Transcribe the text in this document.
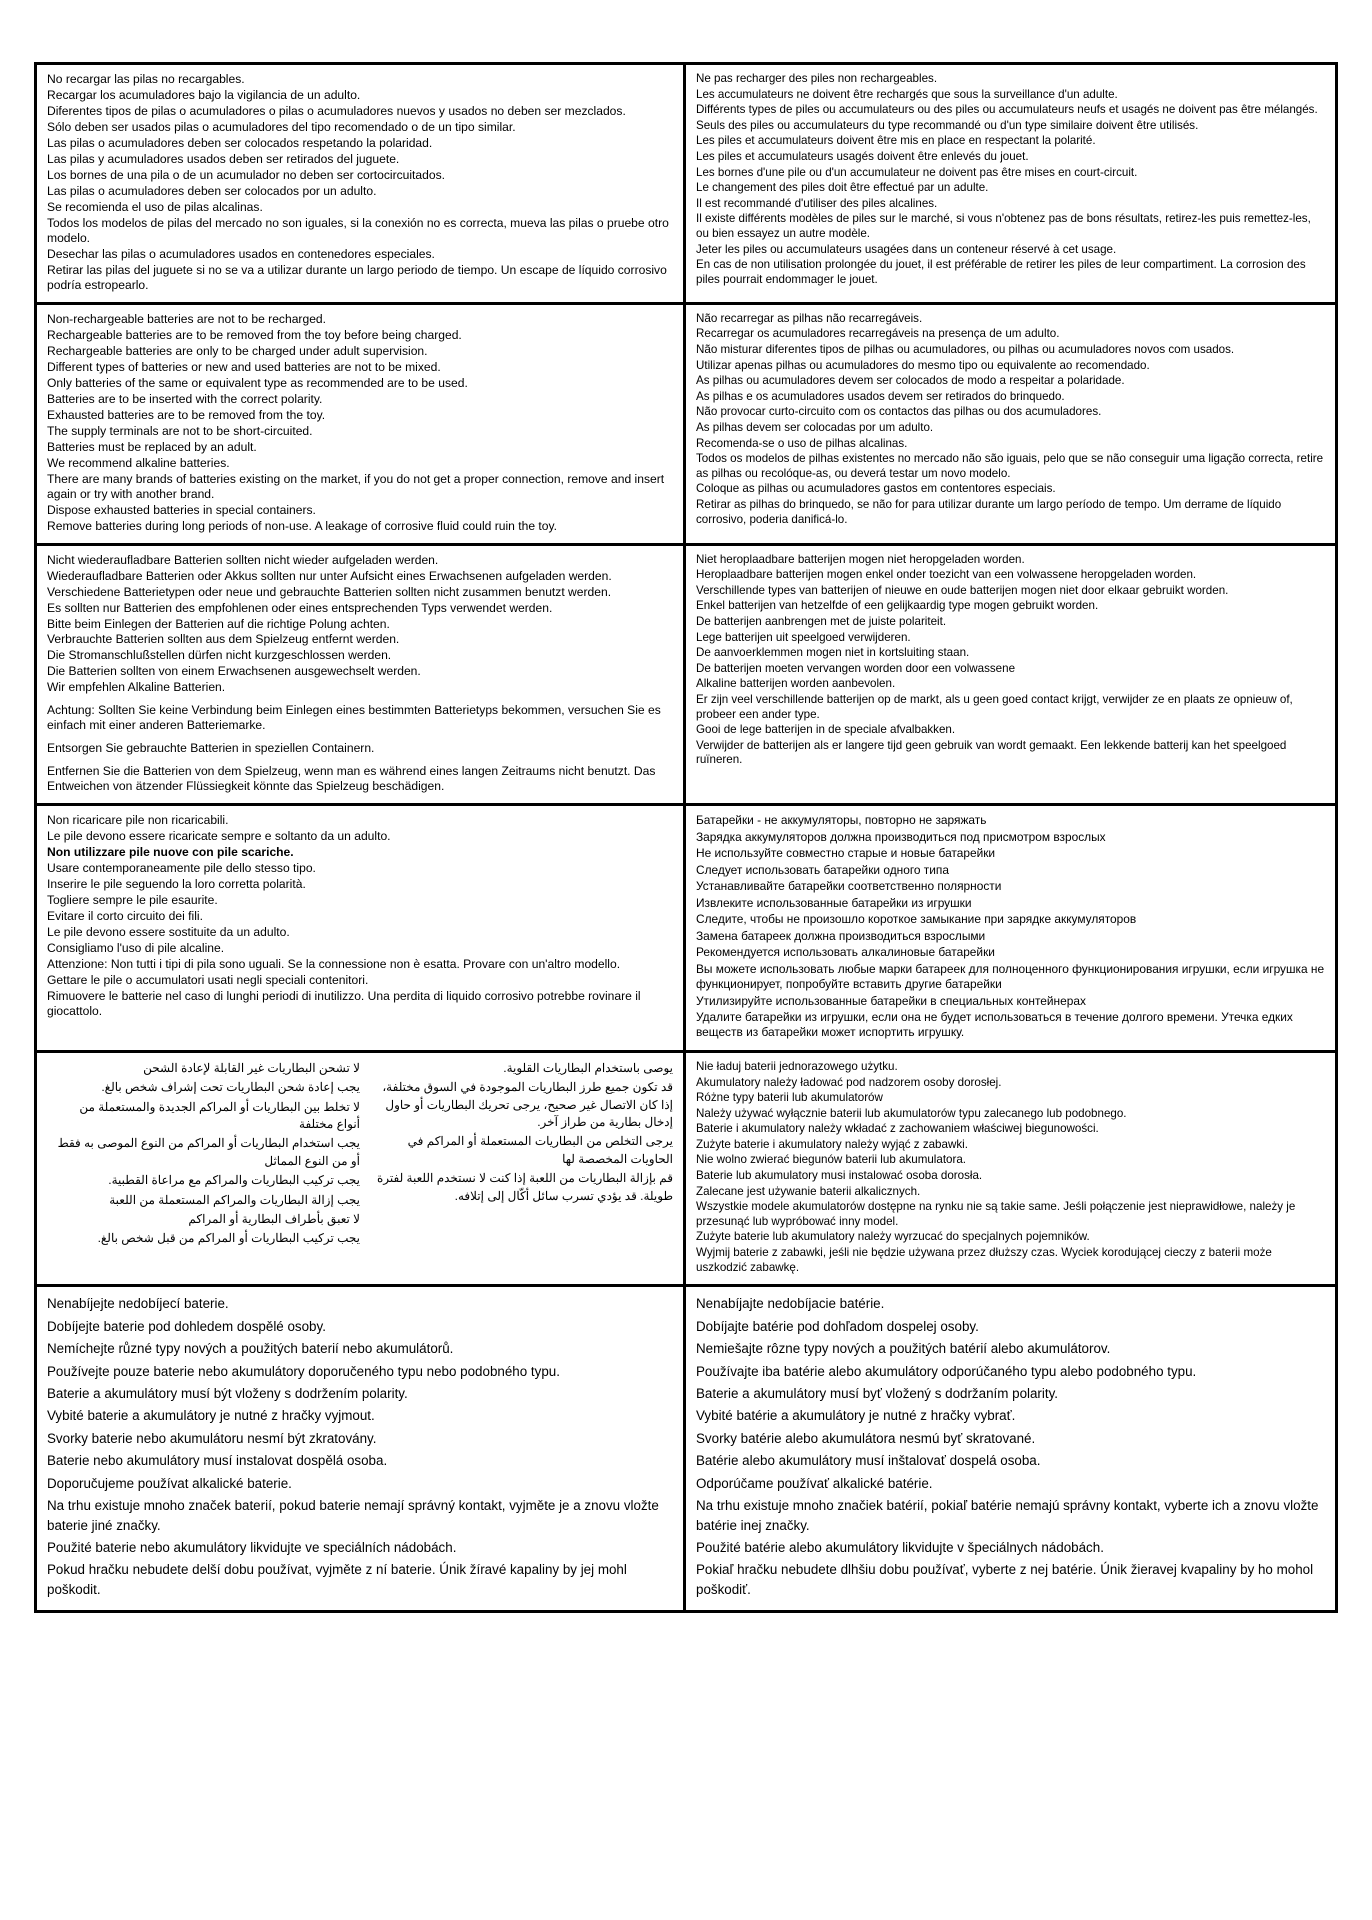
No recargar las pilas no recargables.

Recargar los acumuladores bajo la vigilancia de un adulto.

Diferentes tipos de pilas o acumuladores o pilas o acumuladores nuevos y usados no deben ser mezclados.

Sólo deben ser usados pilas o acumuladores del tipo recomendado o de un tipo similar.

Las pilas o acumuladores deben ser colocados respetando la polaridad.

Las pilas y acumuladores usados deben ser retirados del juguete.

Los bornes de una pila o de un acumulador no deben ser cortocircuitados.

Las pilas o acumuladores deben ser colocados por un adulto.

Se recomienda el uso de pilas alcalinas.

Todos los modelos de pilas del mercado no son iguales, si la conexión no es correcta, mueva las pilas o pruebe otro modelo.

Desechar las pilas o acumuladores usados en contenedores especiales.

Retirar las pilas del juguete si no se va a utilizar durante un largo periodo de tiempo. Un escape de líquido corrosivo podría estropearlo.

Ne pas recharger des piles non rechargeables.

Les accumulateurs ne doivent être rechargés que sous la surveillance d'un adulte.

Différents types de piles ou accumulateurs ou des piles ou accumulateurs neufs et usagés ne doivent pas être mélangés.

Seuls des piles ou accumulateurs du type recommandé ou d'un type similaire doivent être utilisés.

Les piles et accumulateurs doivent être mis en place en respectant la polarité.

Les piles et accumulateurs usagés doivent être enlevés du jouet.

Les bornes d'une pile ou d'un accumulateur ne doivent pas être mises en court-circuit.

Le changement des piles doit être effectué par un adulte.

Il est recommandé d'utiliser des piles alcalines.

Il existe différents modèles de piles sur le marché, si vous n'obtenez pas de bons résultats, retirez-les puis remettez-les, ou bien essayez un autre modèle.

Jeter les piles ou accumulateurs usagées dans un conteneur réservé à cet usage.

En cas de non utilisation prolongée du jouet, il est préférable de retirer les piles de leur compartiment. La corrosion des piles pourrait endommager le jouet.

Non-rechargeable batteries are not to be recharged.

Rechargeable batteries are to be removed from the toy before being charged.

Rechargeable batteries are only to be charged under adult supervision.

Different types of batteries or new and used batteries are not to be mixed.

Only batteries of the same or equivalent type as recommended are to be used.

Batteries are to be inserted with the correct polarity.

Exhausted batteries are to be removed from the toy.

The supply terminals are not to be short-circuited.

Batteries must be replaced by an adult.

We recommend alkaline batteries.

There are many brands of batteries existing on the market, if you do not get a proper connection, remove and insert again or try with another brand.

Dispose exhausted batteries in special containers.

Remove batteries during long periods of non-use. A leakage of corrosive fluid could ruin the toy.

Não recarregar as pilhas não recarregáveis.

Recarregar os acumuladores recarregáveis na presença de um adulto.

Não misturar diferentes tipos de pilhas ou acumuladores, ou pilhas ou acumuladores novos com usados.

Utilizar apenas pilhas ou acumuladores do mesmo tipo ou equivalente ao recomendado.

As pilhas ou acumuladores devem ser colocados de modo a respeitar a polaridade.

As pilhas e os acumuladores usados devem ser retirados do brinquedo.

Não provocar curto-circuito com os contactos das pilhas ou dos acumuladores.

As pilhas devem ser colocadas por um adulto.

Recomenda-se o uso de pilhas alcalinas.

Todos os modelos de pilhas existentes no mercado não são iguais, pelo que se não conseguir uma ligação correcta, retire as pilhas ou recolóque-as, ou deverá testar um novo modelo.

Coloque as pilhas ou acumuladores gastos em contentores especiais.

Retirar as pilhas do brinquedo, se não for para utilizar durante um largo período de tempo. Um derrame de líquido corrosivo, poderia danificá-lo.

Nicht wiederaufladbare Batterien sollten nicht wieder aufgeladen werden.

Wiederaufladbare Batterien oder Akkus sollten nur unter Aufsicht eines Erwachsenen aufgeladen werden.

Verschiedene Batterietypen oder neue und gebrauchte Batterien sollten nicht zusammen benutzt werden.

Es sollten nur Batterien des empfohlenen oder eines entsprechenden Typs verwendet werden.

Bitte beim Einlegen der Batterien auf die richtige Polung achten.

Verbrauchte Batterien sollten aus dem Spielzeug entfernt werden.

Die Stromanschlußstellen dürfen nicht kurzgeschlossen werden.

Die Batterien sollten von einem Erwachsenen ausgewechselt werden.

Wir empfehlen Alkaline Batterien.

Achtung: Sollten Sie keine Verbindung beim Einlegen eines bestimmten Batterietyps bekommen, versuchen Sie es einfach mit einer anderen Batteriemarke.

Entsorgen Sie gebrauchte Batterien in speziellen Containern.

Entfernen Sie die Batterien von dem Spielzeug, wenn man es während eines langen Zeitraums nicht benutzt. Das Entweichen von ätzender Flüssiegkeit könnte das Spielzeug beschädigen.

Niet heroplaadbare batterijen mogen niet heropgeladen worden.

Heroplaadbare batterijen mogen enkel onder toezicht van een volwassene heropgeladen worden.

Verschillende types van batterijen of nieuwe en oude batterijen mogen niet door elkaar gebruikt worden.

Enkel batterijen van hetzelfde of een gelijkaardig type mogen gebruikt worden.

De batterijen aanbrengen met de juiste polariteit.

Lege batterijen uit speelgoed verwijderen.

De aanvoerklemmen mogen niet in kortsluiting staan.

De batterijen moeten vervangen worden door een volwassene

Alkaline batterijen worden aanbevolen.

Er zijn veel verschillende batterijen op de markt, als u geen goed contact krijgt, verwijder ze en plaats ze opnieuw of, probeer een ander type.

Gooi de lege batterijen in de speciale afvalbakken.

Verwijder de batterijen als er langere tijd geen gebruik van wordt gemaakt. Een lekkende batterij kan het speelgoed ruïneren.

Non ricaricare pile non ricaricabili.

Le pile devono essere ricaricate sempre e soltanto da un adulto.

Non utilizzare pile nuove con pile scariche.

Usare contemporaneamente pile dello stesso tipo.

Inserire le pile seguendo la loro corretta polarità.

Togliere sempre le pile esaurite.

Evitare il corto circuito dei fili.

Le pile devono essere sostituite da un adulto.

Consigliamo l'uso di pile alcaline.

Attenzione: Non tutti i tipi di pila sono uguali. Se la connessione non è esatta. Provare con un'altro modello.

Gettare le pile o accumulatori usati negli speciali contenitori.

Rimuovere le batterie nel caso di lunghi periodi di inutilizzo. Una perdita di liquido corrosivo potrebbe rovinare il giocattolo.

Батарейки - не аккумуляторы, повторно не заряжать

Зарядка аккумуляторов должна производиться под присмотром взрослых

Не используйте совместно старые и новые батарейки

Следует использовать батарейки одного типа

Устанавливайте батарейки соответственно полярности

Извлеките использованные батарейки из игрушки

Следите, чтобы не произошло короткое замыкание при зарядке аккумуляторов

Замена батареек должна производиться взрослыми

Рекомендуется использовать алкалиновые батарейки

Вы можете использовать любые марки батареек для полноценного функционирования игрушки, если игрушка не функционирует, попробуйте вставить другие батарейки

Утилизируйте использованные батарейки в специальных контейнерах

Удалите батарейки из игрушки, если она не будет использоваться в течение долгого времени. Утечка едких веществ из батарейки может испортить игрушку.

لا تشحن البطاريات غير القابلة لإعادة الشحن

يجب إعادة شحن البطاريات تحت إشراف شخص بالغ.

لا تخلط بين البطاريات أو المراكم الجديدة والمستعملة من أنواع مختلفة

يجب استخدام البطاريات أو المراكم من النوع الموصى به فقط أو من النوع المماثل

يجب تركيب البطاريات والمراكم مع مراعاة القطبية.

يجب إزالة البطاريات والمراكم المستعملة من اللعبة

لا تعبق بأطراف البطارية أو المراكم

يجب تركيب البطاريات أو المراكم من قبل شخص بالغ.

يوصى باستخدام البطاريات القلوية.

قد تكون جميع طرز البطاريات الموجودة في السوق مختلفة، إذا كان الاتصال غير صحيح، يرجى تحريك البطاريات أو حاول إدخال بطارية من طراز آخر.

يرجى التخلص من البطاريات المستعملة أو المراكم في الحاويات المخصصة لها

قم بإزالة البطاريات من اللعبة إذا كنت لا نستخدم اللعبة لفترة طويلة. قد يؤدي تسرب سائل أكّال إلى إتلافه.

Nie ładuj baterii jednorazowego użytku.

Akumulatory należy ładować pod nadzorem osoby dorosłej.

Różne typy baterii lub akumulatorów

Należy używać wyłącznie baterii lub akumulatorów typu zalecanego lub podobnego.

Baterie i akumulatory należy wkładać z zachowaniem właściwej biegunowości.

Zużyte baterie i akumulatory należy wyjąć z zabawki.

Nie wolno zwierać biegunów baterii lub akumulatora.

Baterie lub akumulatory musi instalować osoba dorosła.

Zalecane jest używanie baterii alkalicznych.

Wszystkie modele akumulatorów dostępne na rynku nie są takie same. Jeśli połączenie jest nieprawidłowe, należy je przesunąć lub wypróbować inny model.

Zużyte baterie lub akumulatory należy wyrzucać do specjalnych pojemników.

Wyjmij baterie z zabawki, jeśli nie będzie używana przez dłuższy czas. Wyciek korodującej cieczy z baterii może uszkodzić zabawkę.

Nenabíjejte nedobíjecí baterie.

Dobíjejte baterie pod dohledem dospělé osoby.

Nemíchejte různé typy nových a použitých baterií nebo akumulátorů.

Používejte pouze baterie nebo akumulátory doporučeného typu nebo podobného typu.

Baterie a akumulátory musí být vloženy s dodržením polarity.

Vybité baterie a akumulátory je nutné z hračky vyjmout.

Svorky baterie nebo akumulátoru nesmí být zkratovány.

Baterie nebo akumulátory musí instalovat dospělá osoba.

Doporučujeme používat alkalické baterie.

Na trhu existuje mnoho značek baterií, pokud baterie nemají správný kontakt, vyjměte je a znovu vložte baterie jiné značky.

Použité baterie nebo akumulátory likvidujte ve speciálních nádobách.

Pokud hračku nebudete delší dobu používat, vyjměte z ní baterie. Únik žíravé kapaliny by jej mohl poškodit.

Nenabíjajte nedobíjacie batérie.

Dobíjajte batérie pod dohľadom dospelej osoby.

Nemiešajte rôzne typy nových a použitých batérií alebo akumulátorov.

Používajte iba batérie alebo akumulátory odporúčaného typu alebo podobného typu.

Baterie a akumulátory musí byť vložený s dodržaním polarity.

Vybité batérie a akumulátory je nutné z hračky vybrať.

Svorky batérie alebo akumulátora nesmú byť skratované.

Batérie alebo akumulátory musí inštalovať dospelá osoba.

Odporúčame používať alkalické batérie.

Na trhu existuje mnoho značiek batérií, pokiaľ batérie nemajú správny kontakt, vyberte ich a znovu vložte batérie inej značky.

Použité batérie alebo akumulátory likvidujte v špeciálnych nádobách.

Pokiaľ hračku nebudete dlhšiu dobu používať, vyberte z nej batérie. Únik žieravej kvapaliny by ho mohol poškodiť.
